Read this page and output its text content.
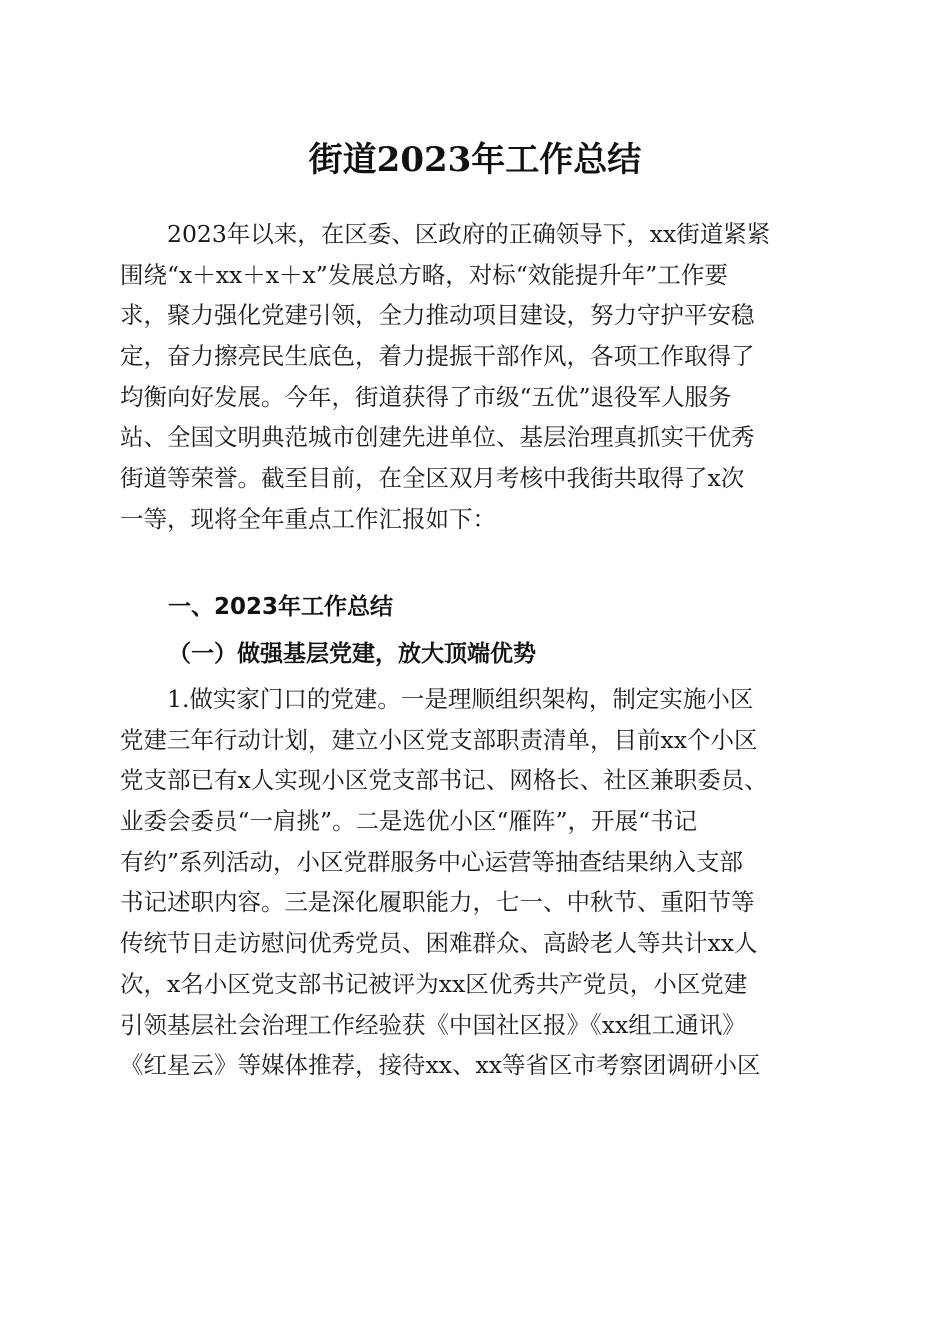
街道2023年工作总结
　　2023年以来，在区委、区政府的正确领导下，xx街道紧紧
围绕“x＋xx＋x＋x”发展总方略，对标“效能提升年”工作要
求，聚力强化党建引领，全力推动项目建设，努力守护平安稳
定，奋力擦亮民生底色，着力提振干部作风，各项工作取得了
均衡向好发展。今年，街道获得了市级“五优”退役军人服务
站、全国文明典范城市创建先进单位、基层治理真抓实干优秀
街道等荣誉。截至目前，在全区双月考核中我街共取得了x次
一等，现将全年重点工作汇报如下：
一、2023年工作总结
（一）做强基层党建，放大顶端优势
　　1.做实家门口的党建。一是理顺组织架构，制定实施小区
党建三年行动计划，建立小区党支部职责清单，目前xx个小区
党支部已有x人实现小区党支部书记、网格长、社区兼职委员、
业委会委员“一肩挑”。二是选优小区“雁阵”，开展“书记
有约”系列活动，小区党群服务中心运营等抽查结果纳入支部
书记述职内容。三是深化履职能力，七一、中秋节、重阳节等
传统节日走访慰问优秀党员、困难群众、高龄老人等共计xx人
次，x名小区党支部书记被评为xx区优秀共产党员，小区党建
引领基层社会治理工作经验获《中国社区报》《xx组工通讯》
《红星云》等媒体推荐，接待xx、xx等省区市考察团调研小区
